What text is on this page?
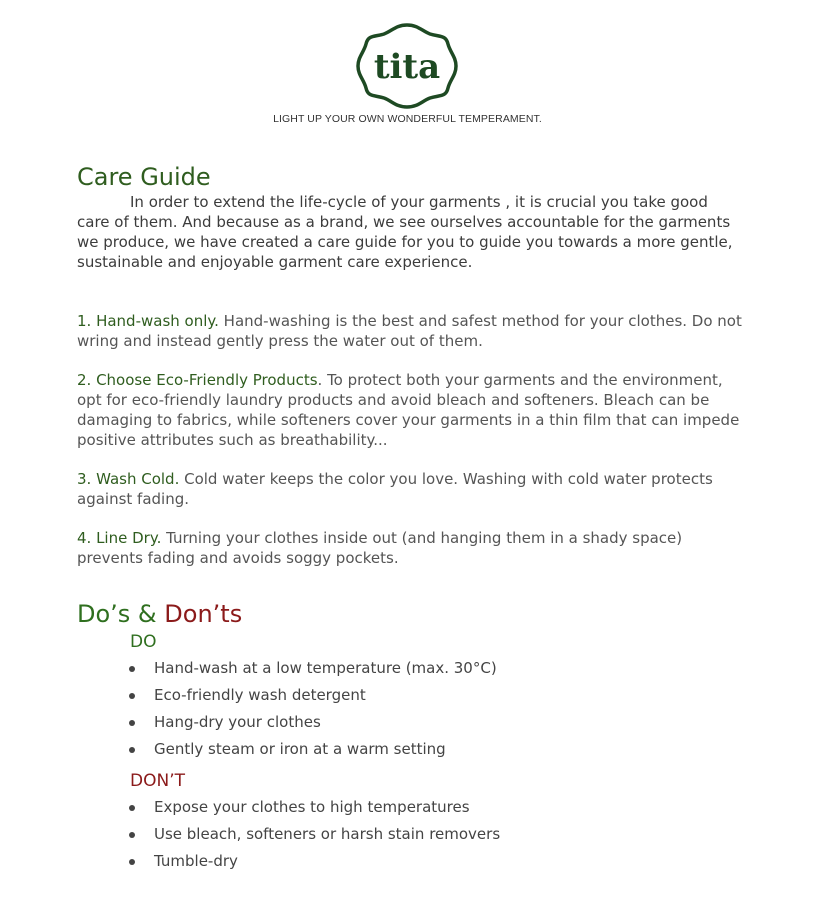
tita
LIGHT UP YOUR OWN WONDERFUL TEMPERAMENT.
Care Guide

In order to extend the life-cycle of your garments , it is crucial you take good care of them. And because as a brand, we see ourselves accountable for the garments we produce, we have created a care guide for you to guide you towards a more gentle, sustainable and enjoyable garment care experience.

1. Hand-wash only. Hand-washing is the best and safest method for your clothes. Do not wring and instead gently press the water out of them.

2. Choose Eco-Friendly Products. To protect both your garments and the environment, opt for eco-friendly laundry products and avoid bleach and softeners. Bleach can be damaging to fabrics, while softeners cover your garments in a thin film that can impede positive attributes such as breathability...

3. Wash Cold. Cold water keeps the color you love. Washing with cold water protects against fading.

4. Line Dry. Turning your clothes inside out (and hanging them in a shady space) prevents fading and avoids soggy pockets.

Do’s & Don’ts
DO
Hand-wash at a low temperature (max. 30°C)
Eco-friendly wash detergent
Hang-dry your clothes
Gently steam or iron at a warm setting
DON’T
Expose your clothes to high temperatures
Use bleach, softeners or harsh stain removers
Tumble-dry
